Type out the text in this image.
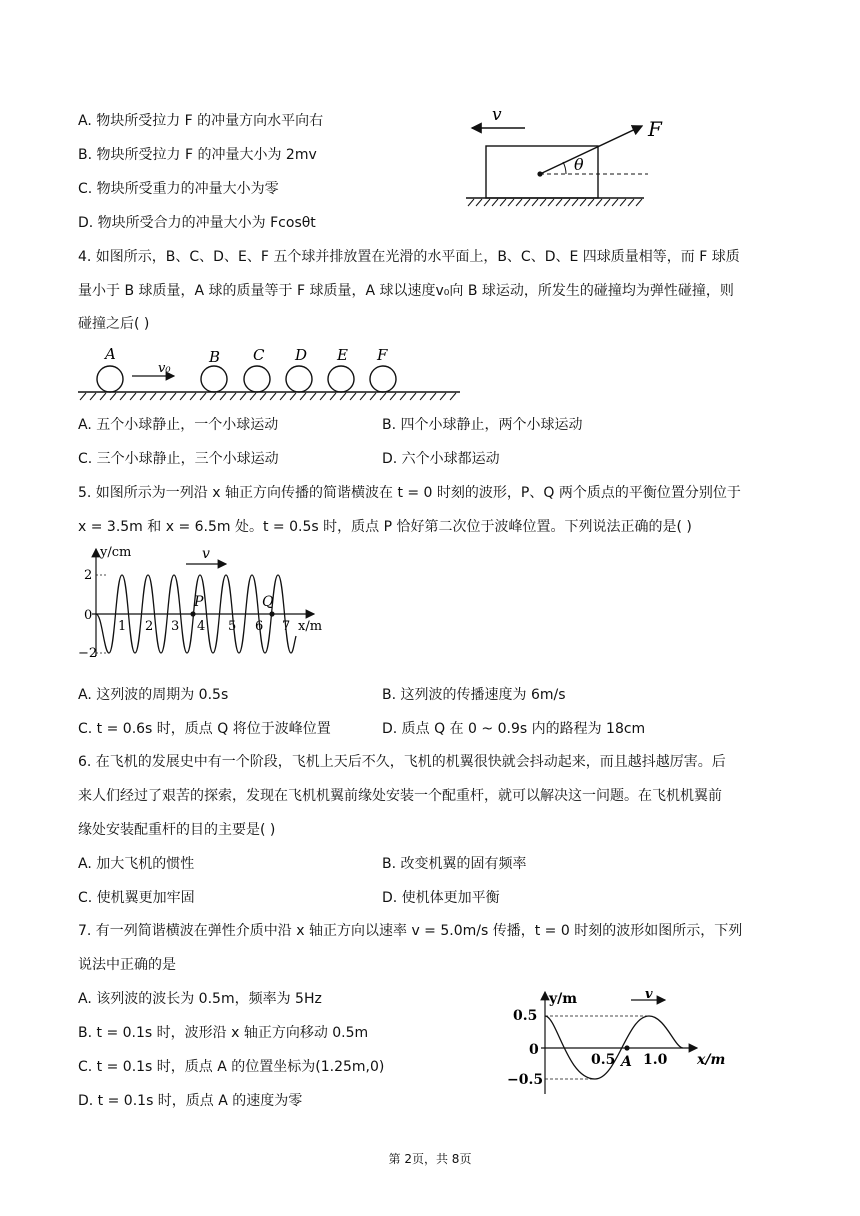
A. 物块所受拉力 F 的冲量方向水平向右
B. 物块所受拉力 F 的冲量大小为 2mv
C. 物块所受重力的冲量大小为零
D. 物块所受合力的冲量大小为 Fcosθt
v
F
θ
4. 如图所示，B、C、D、E、F 五个球并排放置在光滑的水平面上，B、C、D、E 四球质量相等，而 F 球质
量小于 B 球质量，A 球的质量等于 F 球质量，A 球以速度v₀向 B 球运动，所发生的碰撞均为弹性碰撞，则
碰撞之后( )
A	B C D E F
v₀
A. 五个小球静止，一个小球运动	B. 四个小球静止，两个小球运动
C. 三个小球静止，三个小球运动	D. 六个小球都运动
5. 如图所示为一列沿 x 轴正方向传播的简谐横波在 t = 0 时刻的波形，P、Q 两个质点的平衡位置分别位于
x = 3.5m 和 x = 6.5m 处。t = 0.5s 时，质点 P 恰好第二次位于波峰位置。下列说法正确的是( )
y/cm
x/m
2
0
−2
1 2 3 4 5 6 7
P	Q
v
A. 这列波的周期为 0.5s	B. 这列波的传播速度为 6m/s
C. t = 0.6s 时，质点 Q 将位于波峰位置	D. 质点 Q 在 0 ~ 0.9s 内的路程为 18cm
6. 在飞机的发展史中有一个阶段，飞机上天后不久，飞机的机翼很快就会抖动起来，而且越抖越厉害。后
来人们经过了艰苦的探索，发现在飞机机翼前缘处安装一个配重杆，就可以解决这一问题。在飞机机翼前
缘处安装配重杆的目的主要是( )
A. 加大飞机的惯性	B. 改变机翼的固有频率
C. 使机翼更加牢固	D. 使机体更加平衡
7. 有一列简谐横波在弹性介质中沿 x 轴正方向以速率 v = 5.0m/s 传播，t = 0 时刻的波形如图所示，下列
说法中正确的是
A. 该列波的波长为 0.5m，频率为 5Hz
B. t = 0.1s 时，波形沿 x 轴正方向移动 0.5m
C. t = 0.1s 时，质点 A 的位置坐标为(1.25m,0)
D. t = 0.1s 时，质点 A 的速度为零
y/m
x/m
0.5
0
−0.5
0.5 1.0
A
v
第 2页，共 8页
